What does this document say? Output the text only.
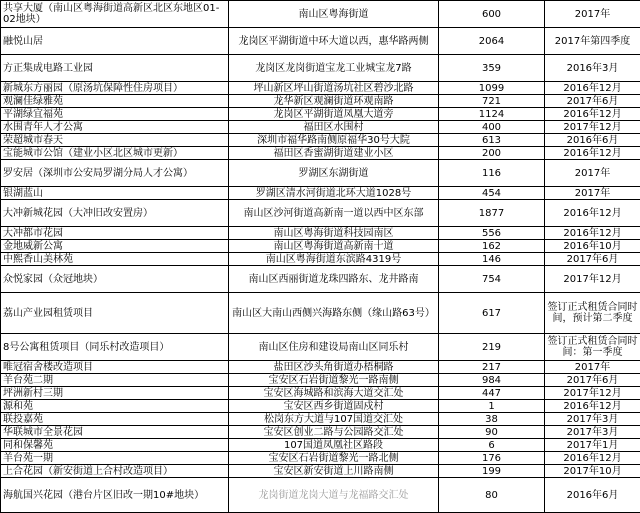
共享大厦（南山区粤海街道高新区北区东地区01-02地块）	南山区粤海街道	600	2017年
融悦山居	龙岗区平湖街道中环大道以西，惠华路两侧	2064	2017年第四季度
方正集成电路工业园	龙岗区龙岗街道宝龙工业城宝龙7路	359	2016年3月
新城东方丽园（原汤坑保障性住房项目）	坪山新区坪山街道汤坑社区碧沙北路	1099	2016年12月
观澜佳绿雅苑	龙华新区观澜街道环观南路	721	2017年6月
平湖绿宜福苑	龙岗区平湖街道凤凰大道旁	1124	2016年12月
水围青年人才公寓	福田区水围村	400	2017年12月
荣超城市春天	深圳市福华路南侧原福华30号大院	613	2016年6月
宝能城市公馆（建业小区北区城市更新）	福田区香蜜湖街道建业小区	200	2016年12月
罗安居（深圳市公安局罗湖分局人才公寓）	罗湖区东湖街道	116	2017年
银湖蓝山	罗湖区清水河街道北环大道1028号	454	2017年
大冲新城花园（大冲旧改安置房）	南山区沙河街道高新南一道以西中区东部	1877	2016年12月
大冲都市花园	南山区粤海街道科技园南区	556	2016年12月
金地威新公寓	南山区粤海街道高新南十道	162	2016年10月
中熙香山美林苑	南山区粤海街道东滨路4319号	146	2017年6月
众悦家园（众冠地块）	南山区西丽街道龙珠四路东、龙井路南	754	2017年12月
荔山产业园租赁项目	南山区大南山西侧兴海路东侧（缘山路63号）	617	签订正式租赁合同时间，预计第二季度
8号公寓租赁项目（同乐村改造项目）	南山区住房和建设局南山区同乐村	219	签订正式租赁合同时间：第一季度
唯冠宿舍楼改造项目	盐田区沙头角街道办梧桐路	217	2017年
羊台苑二期	宝安区石岩街道黎光一路南侧	984	2017年6月
坪洲新村三期	宝安区海城路和滨海大道交汇处	447	2017年12月
源和苑	宝安区西乡街道固戍村	1	2016年12月
联投嘉苑	松岗东方大道与107国道交汇处	38	2017年3月
华联城市全景花园	宝安区创业二路与公园路交汇处	90	2017年3月
同和保馨苑	107国道凤凰社区路段	6	2017年1月
羊台苑一期	宝安区石岩街道黎光一路北侧	176	2016年12月
上合花园（新安街道上合村改造项目）	宝安区新安街道上川路南侧	199	2017年10月
海航国兴花园（港台片区旧改一期10#地块）	龙岗街道龙岗大道与龙福路交汇处	80	2016年6月
